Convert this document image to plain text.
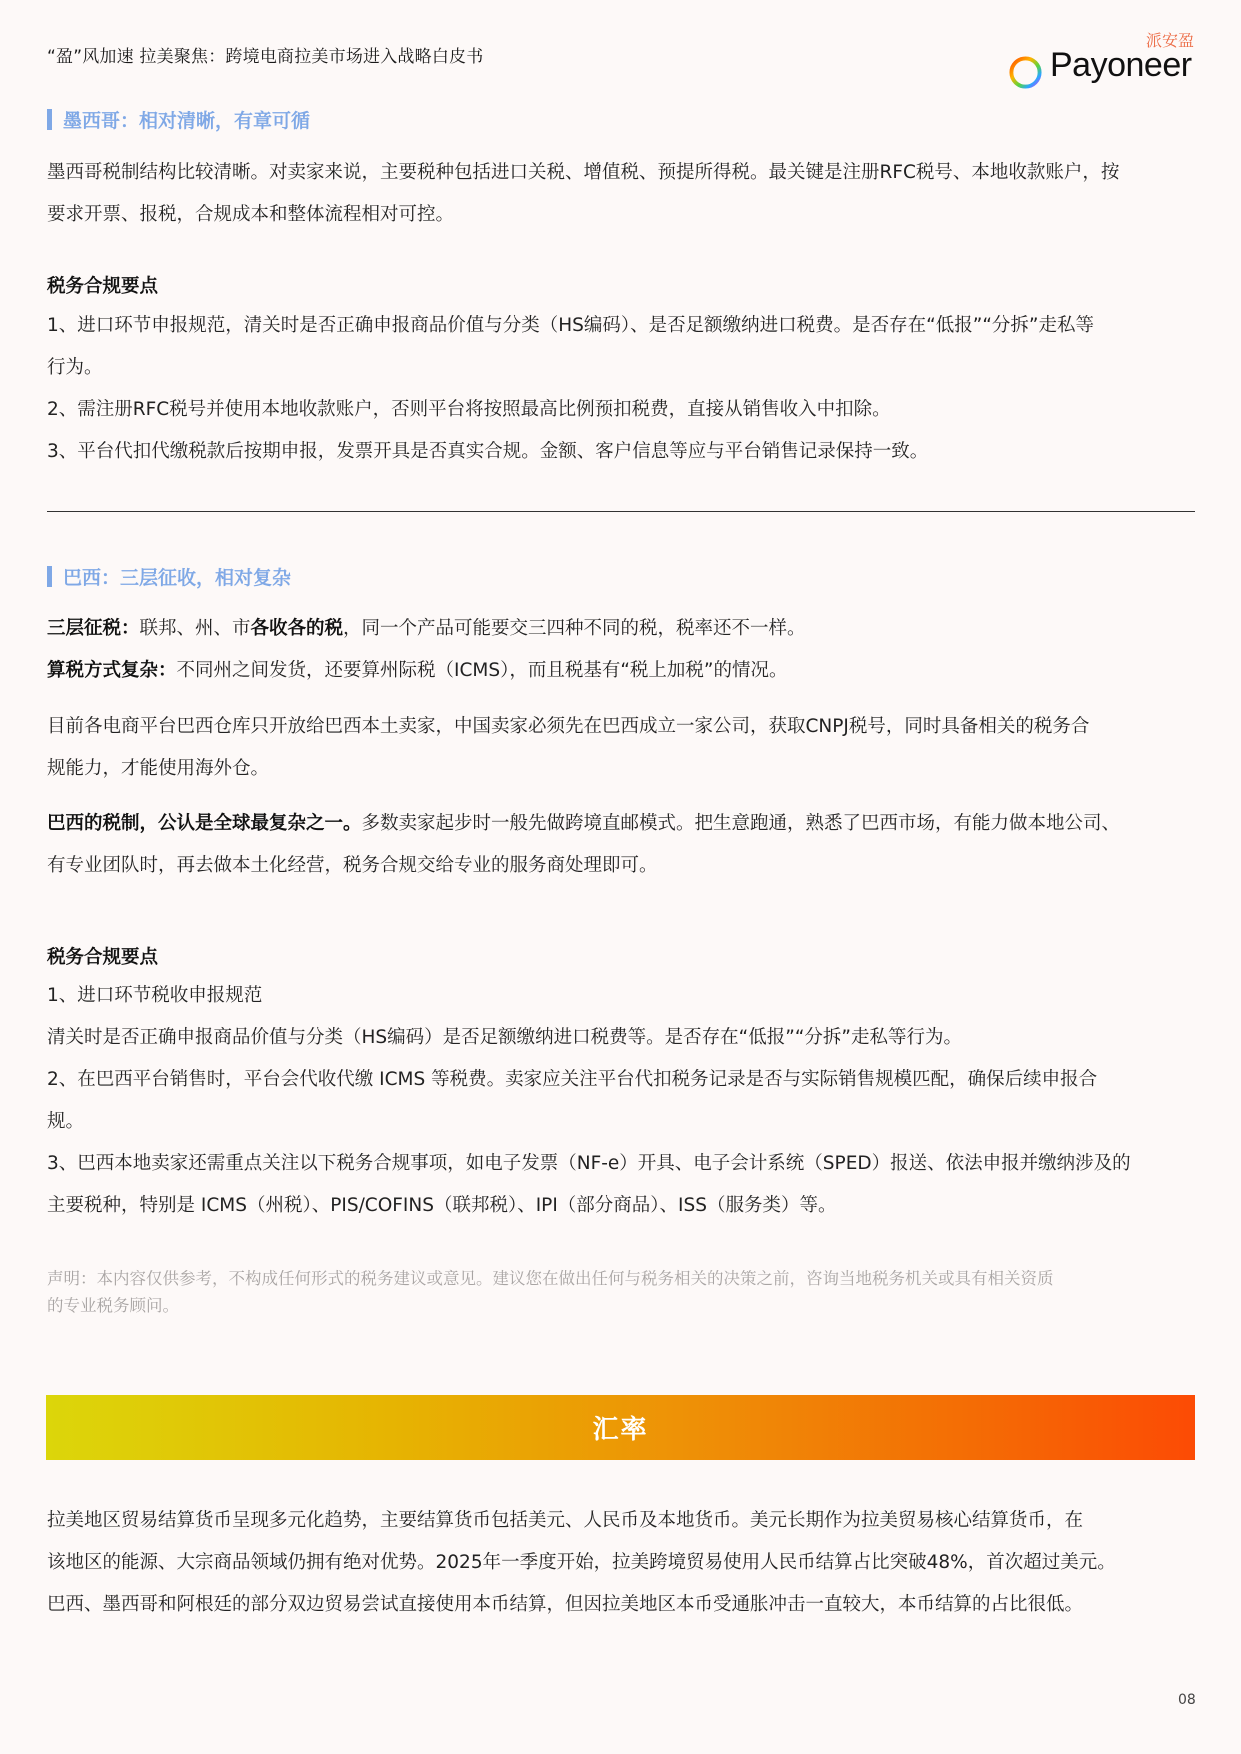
“盈”风加速 拉美聚焦：跨境电商拉美市场进入战略白皮书
派安盈
Payoneer
墨西哥：相对清晰，有章可循
墨西哥税制结构比较清晰。对卖家来说，主要税种包括进口关税、增值税、预提所得税。最关键是注册RFC税号、本地收款账户，按
要求开票、报税，合规成本和整体流程相对可控。
税务合规要点
1、进口环节申报规范，清关时是否正确申报商品价值与分类（HS编码）、是否足额缴纳进口税费。是否存在“低报”“分拆”走私等
行为。
2、需注册RFC税号并使用本地收款账户，否则平台将按照最高比例预扣税费，直接从销售收入中扣除。
3、平台代扣代缴税款后按期申报，发票开具是否真实合规。金额、客户信息等应与平台销售记录保持一致。
巴西：三层征收，相对复杂
三层征税：联邦、州、市各收各的税，同一个产品可能要交三四种不同的税，税率还不一样。
算税方式复杂：不同州之间发货，还要算州际税（ICMS），而且税基有“税上加税”的情况。
目前各电商平台巴西仓库只开放给巴西本土卖家，中国卖家必须先在巴西成立一家公司，获取CNPJ税号，同时具备相关的税务合
规能力，才能使用海外仓。
巴西的税制，公认是全球最复杂之一。多数卖家起步时一般先做跨境直邮模式。把生意跑通，熟悉了巴西市场，有能力做本地公司、
有专业团队时，再去做本土化经营，税务合规交给专业的服务商处理即可。
税务合规要点
1、进口环节税收申报规范
清关时是否正确申报商品价值与分类（HS编码）是否足额缴纳进口税费等。是否存在“低报”“分拆”走私等行为。
2、在巴西平台销售时，平台会代收代缴 ICMS 等税费。卖家应关注平台代扣税务记录是否与实际销售规模匹配，确保后续申报合
规。
3、巴西本地卖家还需重点关注以下税务合规事项，如电子发票（NF-e）开具、电子会计系统（SPED）报送、依法申报并缴纳涉及的
主要税种，特别是 ICMS（州税）、PIS/COFINS（联邦税）、IPI（部分商品）、ISS（服务类）等。
声明：本内容仅供参考，不构成任何形式的税务建议或意见。建议您在做出任何与税务相关的决策之前，咨询当地税务机关或具有相关资质
的专业税务顾问。
汇率
拉美地区贸易结算货币呈现多元化趋势，主要结算货币包括美元、人民币及本地货币。美元长期作为拉美贸易核心结算货币，在
该地区的能源、大宗商品领域仍拥有绝对优势。2025年一季度开始，拉美跨境贸易使用人民币结算占比突破48%，首次超过美元。
巴西、墨西哥和阿根廷的部分双边贸易尝试直接使用本币结算，但因拉美地区本币受通胀冲击一直较大，本币结算的占比很低。
08
